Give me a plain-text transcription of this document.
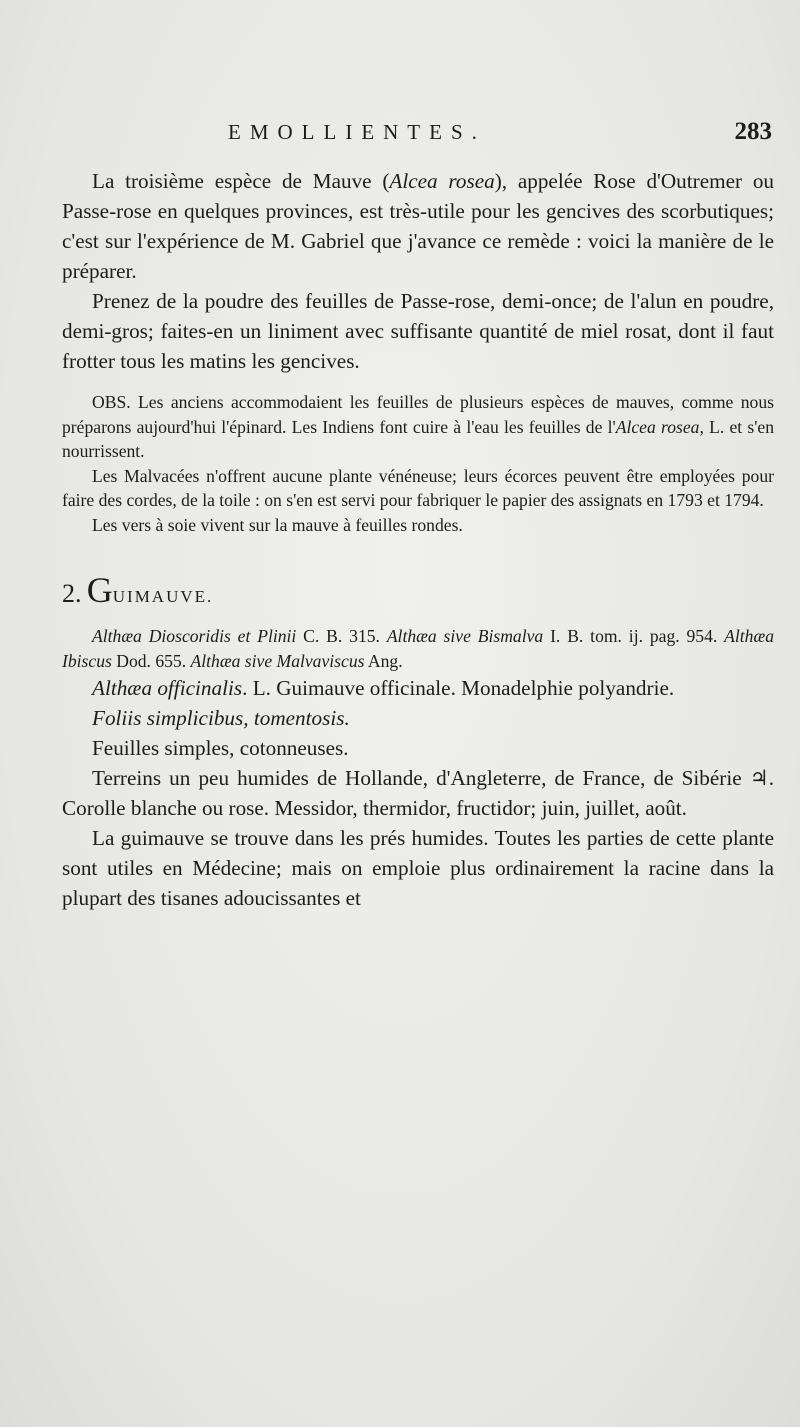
EMOLLIENTES.	283

La troisième espèce de Mauve (Alcea rosea), appelée Rose d'Outremer ou Passe-rose en quelques provinces, est très-utile pour les gencives des scorbutiques; c'est sur l'expérience de M. Gabriel que j'avance ce remède : voici la manière de le préparer.

Prenez de la poudre des feuilles de Passe-rose, demi-once; de l'alun en poudre, demi-gros; faites-en un liniment avec suffisante quantité de miel rosat, dont il faut frotter tous les matins les gencives.

OBS. Les anciens accommodaient les feuilles de plusieurs espèces de mauves, comme nous préparons aujourd'hui l'épinard. Les Indiens font cuire à l'eau les feuilles de l'Alcea rosea, L. et s'en nourrissent.

Les Malvacées n'offrent aucune plante vénéneuse; leurs écorces peuvent être employées pour faire des cordes, de la toile : on s'en est servi pour fabriquer le papier des assignats en 1793 et 1794.

Les vers à soie vivent sur la mauve à feuilles rondes.

2. GUIMAUVE.

Althæa Dioscoridis et Plinii C. B. 315. Althæa sive Bismalva I. B. tom. ij. pag. 954. Althæa Ibiscus Dod. 655. Althæa sive Malvaviscus Ang.

Althæa officinalis. L. Guimauve officinale. Monadelphie polyandrie.

Foliis simplicibus, tomentosis.

Feuilles simples, cotonneuses.

Terreins un peu humides de Hollande, d'Angleterre, de France, de Sibérie ♃. Corolle blanche ou rose. Messidor, thermidor, fructidor; juin, juillet, août.

La guimauve se trouve dans les prés humides. Toutes les parties de cette plante sont utiles en Médecine; mais on emploie plus ordinairement la racine dans la plupart des tisanes adoucissantes et
